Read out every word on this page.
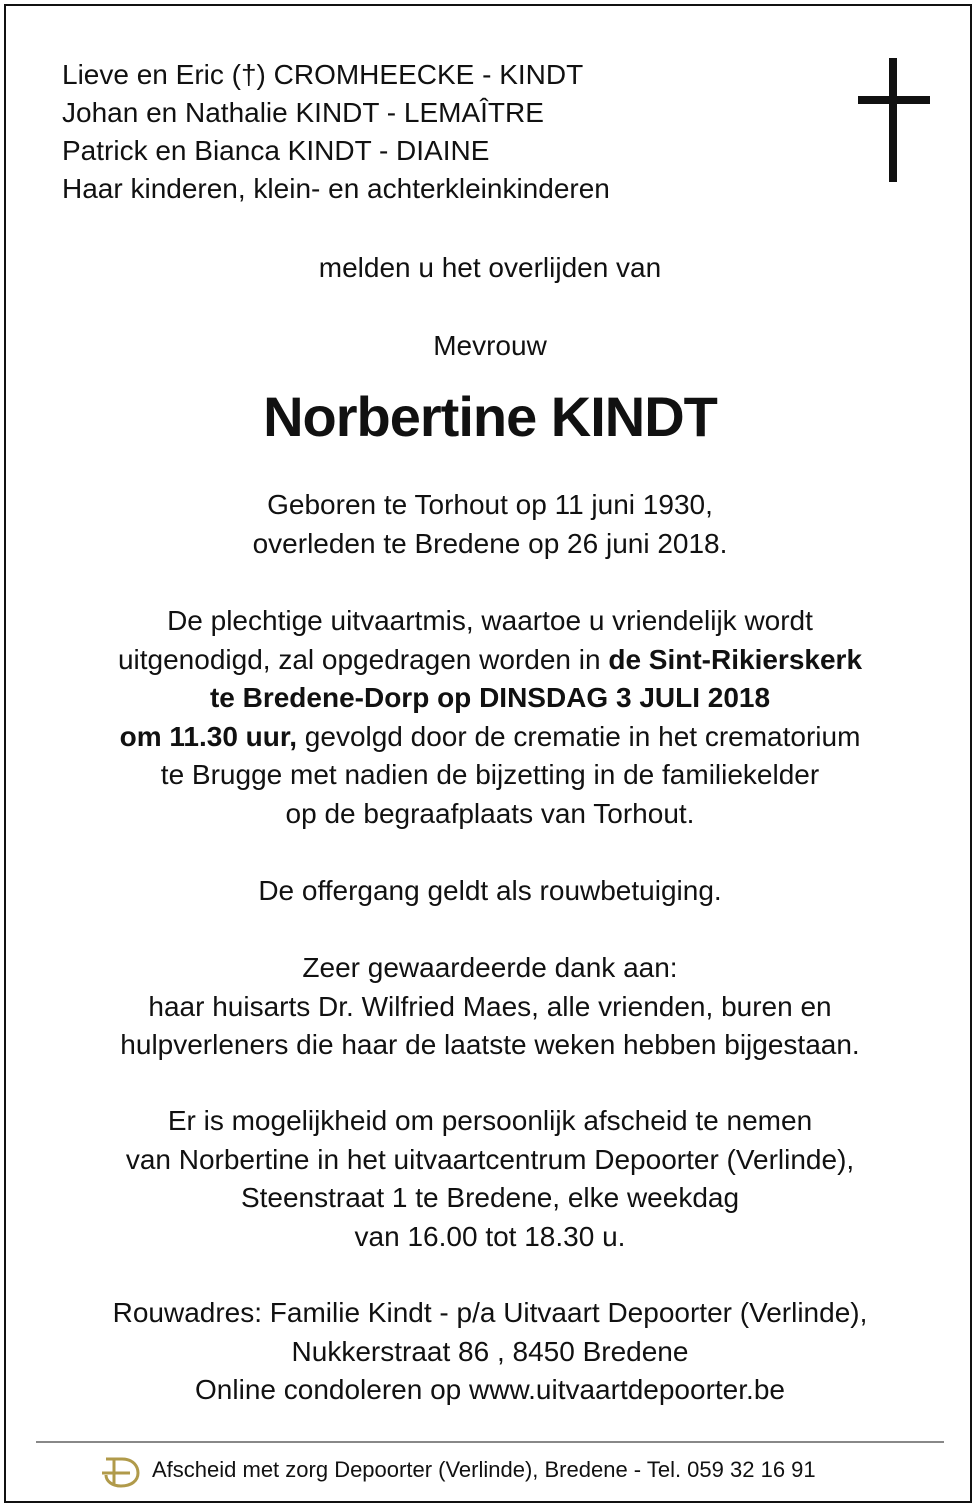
Lieve en Eric (†) CROMHEECKE - KINDT
Johan en Nathalie KINDT - LEMAÎTRE
Patrick en Bianca KINDT - DIAINE
Haar kinderen, klein- en achterkleinkinderen
melden u het overlijden van
Mevrouw
Norbertine KINDT
Geboren te Torhout op 11 juni 1930,
overleden te Bredene op 26 juni 2018.
De plechtige uitvaartmis, waartoe u vriendelijk wordt
uitgenodigd, zal opgedragen worden in de Sint-Rikierskerk
te Bredene-Dorp op DINSDAG 3 JULI 2018
om 11.30 uur, gevolgd door de crematie in het crematorium
te Brugge met nadien de bijzetting in de familiekelder
op de begraafplaats van Torhout.
De offergang geldt als rouwbetuiging.
Zeer gewaardeerde dank aan:
haar huisarts Dr. Wilfried Maes, alle vrienden, buren en
hulpverleners die haar de laatste weken hebben bijgestaan.
Er is mogelijkheid om persoonlijk afscheid te nemen
van Norbertine in het uitvaartcentrum Depoorter (Verlinde),
Steenstraat 1 te Bredene, elke weekdag
van 16.00 tot 18.30 u.
Rouwadres: Familie Kindt - p/a Uitvaart Depoorter (Verlinde),
Nukkerstraat 86 , 8450 Bredene
Online condoleren op www.uitvaartdepoorter.be
Afscheid met zorg Depoorter (Verlinde), Bredene - Tel. 059 32 16 91
